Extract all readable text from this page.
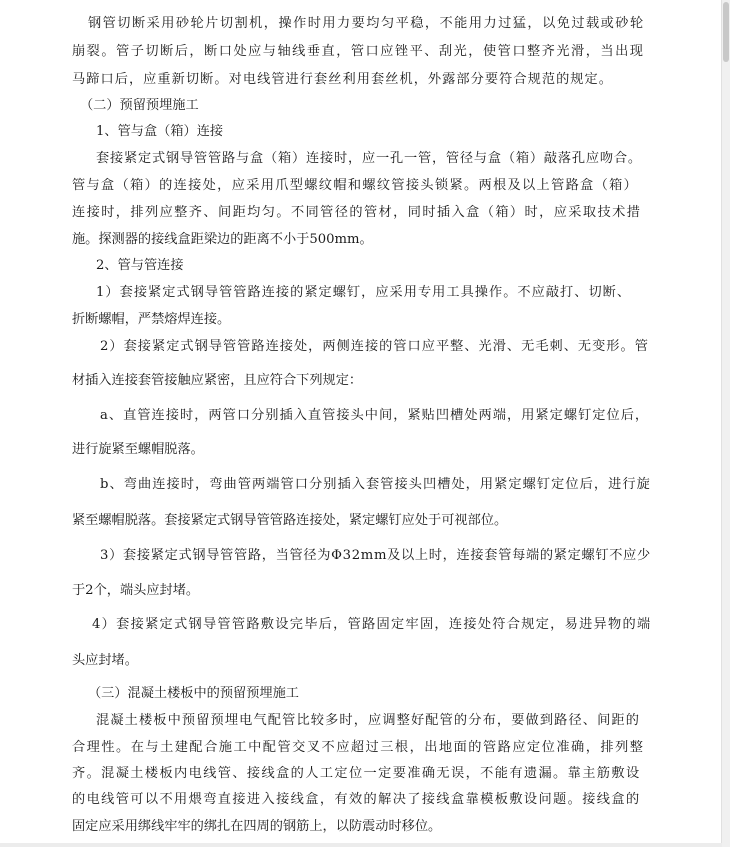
钢管切断采用砂轮片切割机，操作时用力要均匀平稳，不能用力过猛，以免过载或砂轮
崩裂。管子切断后，断口处应与轴线垂直，管口应锉平、刮光，使管口整齐光滑，当出现
马蹄口后，应重新切断。对电线管进行套丝利用套丝机，外露部分要符合规范的规定。
（二）预留预埋施工
1、管与盒（箱）连接
套接紧定式钢导管管路与盒（箱）连接时，应一孔一管，管径与盒（箱）敲落孔应吻合。
管与盒（箱）的连接处，应采用爪型螺纹帽和螺纹管接头锁紧。两根及以上管路盒（箱）
连接时，排列应整齐、间距均匀。不同管径的管材，同时插入盒（箱）时，应采取技术措
施。探测器的接线盒距梁边的距离不小于500mm。
2、管与管连接
1）套接紧定式钢导管管路连接的紧定螺钉，应采用专用工具操作。不应敲打、切断、
折断螺帽，严禁熔焊连接。
2）套接紧定式钢导管管路连接处，两侧连接的管口应平整、光滑、无毛刺、无变形。管
材插入连接套管接触应紧密，且应符合下列规定：
a、直管连接时，两管口分别插入直管接头中间，紧贴凹槽处两端，用紧定螺钉定位后，
进行旋紧至螺帽脱落。
b、弯曲连接时，弯曲管两端管口分别插入套管接头凹槽处，用紧定螺钉定位后，进行旋
紧至螺帽脱落。套接紧定式钢导管管路连接处，紧定螺钉应处于可视部位。
3）套接紧定式钢导管管路，当管径为Φ32mm及以上时，连接套管每端的紧定螺钉不应少
于2个，端头应封堵。
4）套接紧定式钢导管管路敷设完毕后，管路固定牢固，连接处符合规定，易进异物的端
头应封堵。
（三）混凝土楼板中的预留预埋施工
混凝土楼板中预留预埋电气配管比较多时，应调整好配管的分布，要做到路径、间距的
合理性。在与土建配合施工中配管交叉不应超过三根，出地面的管路应定位准确，排列整
齐。混凝土楼板内电线管、接线盒的人工定位一定要准确无误，不能有遗漏。靠主筋敷设
的电线管可以不用煨弯直接进入接线盒，有效的解决了接线盒靠模板敷设问题。接线盒的
固定应采用绑线牢牢的绑扎在四周的钢筋上，以防震动时移位。
